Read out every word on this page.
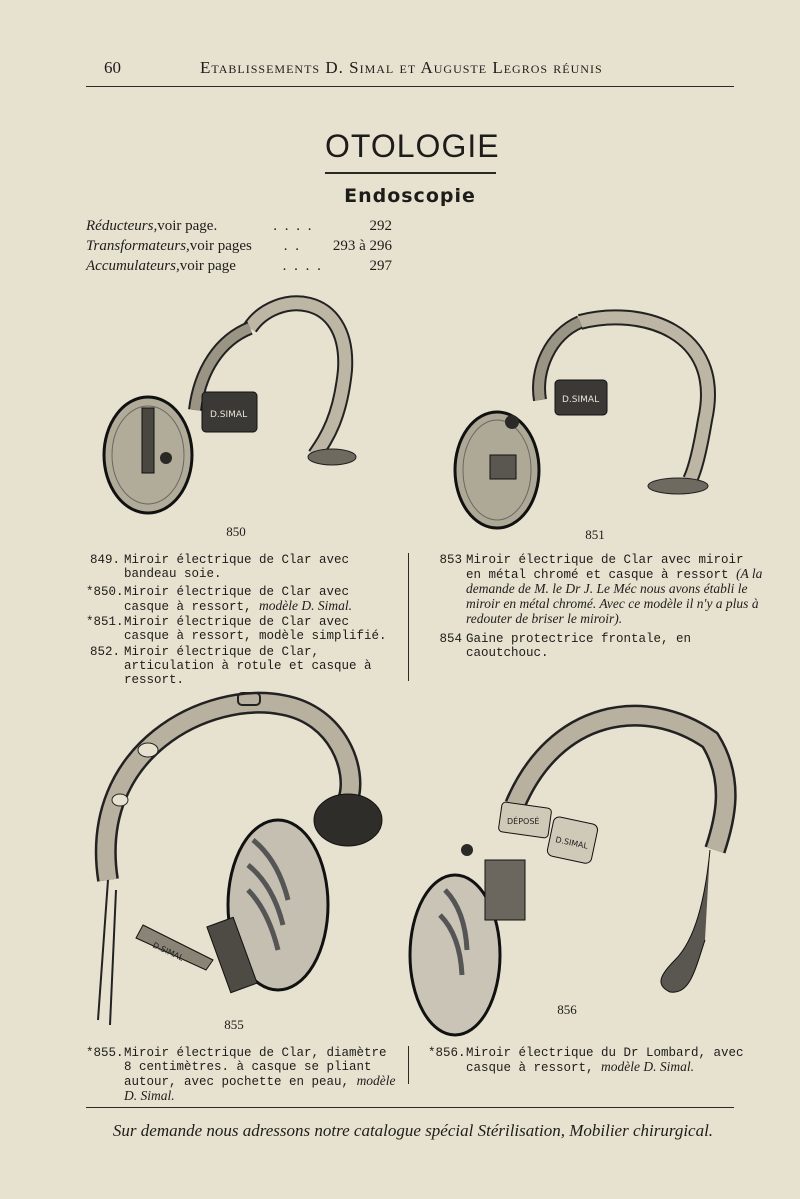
60	Etablissements D. Simal et Auguste Legros réunis
OTOLOGIE
Endoscopie
Réducteurs, voir page.	. . . .	292
Transformateurs, voir pages	. .	293 à 296
Accumulateurs, voir page	. . . .	297
D.SIMAL
850
D.SIMAL
851
849. Miroir électrique de Clar avec bandeau soie.
*850. Miroir électrique de Clar avec casque à ressort, modèle D. Simal.
*851. Miroir électrique de Clar avec casque à ressort, modèle simplifié.
852. Miroir électrique de Clar, articulation à rotule et casque à ressort.
853 Miroir électrique de Clar avec miroir en métal chromé et casque à ressort (A la demande de M. le Dr J. Le Méc nous avons établi le miroir en métal chromé. Avec ce modèle il n'y a plus à redouter de briser le miroir).
854 Gaine protectrice frontale, en caoutchouc.
D.SIMAL
855
DÉPOSÉ
D.SIMAL
856
*855. Miroir électrique de Clar, diamètre 8 centimètres. à casque se pliant autour, avec pochette en peau, modèle D. Simal.
*856. Miroir électrique du Dr Lombard, avec casque à ressort, modèle D. Simal.
Sur demande nous adressons notre catalogue spécial Stérilisation, Mobilier chirurgical.
